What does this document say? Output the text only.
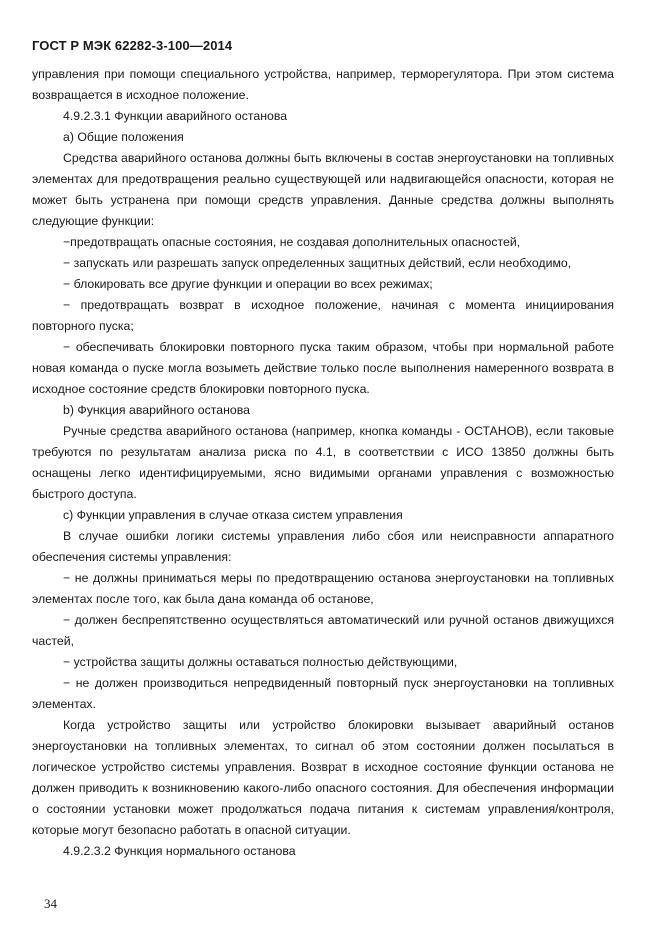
ГОСТ Р МЭК 62282-3-100—2014

управления при помощи специального устройства, например, терморегулятора. При этом система возвращается в исходное положение.

4.9.2.3.1 Функции аварийного останова

a) Общие положения

Средства аварийного останова должны быть включены в состав энергоустановки на топливных элементах для предотвращения реально существующей или надвигающейся опасности, которая не может быть устранена при помощи средств управления. Данные средства должны выполнять следующие функции:

−предотвращать опасные состояния, не создавая дополнительных опасностей,

− запускать или разрешать запуск определенных защитных действий, если необходимо,

− блокировать все другие функции и операции во всех режимах;

− предотвращать возврат в исходное положение, начиная с момента инициирования повторного пуска;

− обеспечивать блокировки повторного пуска таким образом, чтобы при нормальной работе новая команда о пуске могла возыметь действие только после выполнения намеренного возврата в исходное состояние средств блокировки повторного пуска.

b) Функция аварийного останова

Ручные средства аварийного останова (например, кнопка команды - ОСТАНОВ), если таковые требуются по результатам анализа риска по 4.1, в соответствии с ИСО 13850 должны быть оснащены легко идентифицируемыми, ясно видимыми органами управления с возможностью быстрого доступа.

c) Функции управления в случае отказа систем управления

В случае ошибки логики системы управления либо сбоя или неисправности аппаратного обеспечения системы управления:

− не должны приниматься меры по предотвращению останова энергоустановки на топливных элементах после того, как была дана команда об останове,

− должен беспрепятственно осуществляться автоматический или ручной останов движущихся частей,

− устройства защиты должны оставаться полностью действующими,

− не должен производиться непредвиденный повторный пуск энергоустановки на топливных элементах.

Когда устройство защиты или устройство блокировки вызывает аварийный останов энергоустановки на топливных элементах, то сигнал об этом состоянии должен посылаться в логическое устройство системы управления. Возврат в исходное состояние функции останова не должен приводить к возникновению какого-либо опасного состояния. Для обеспечения информации о состоянии установки может продолжаться подача питания к системам управления/контроля, которые могут безопасно работать в опасной ситуации.

4.9.2.3.2 Функция нормального останова

34
